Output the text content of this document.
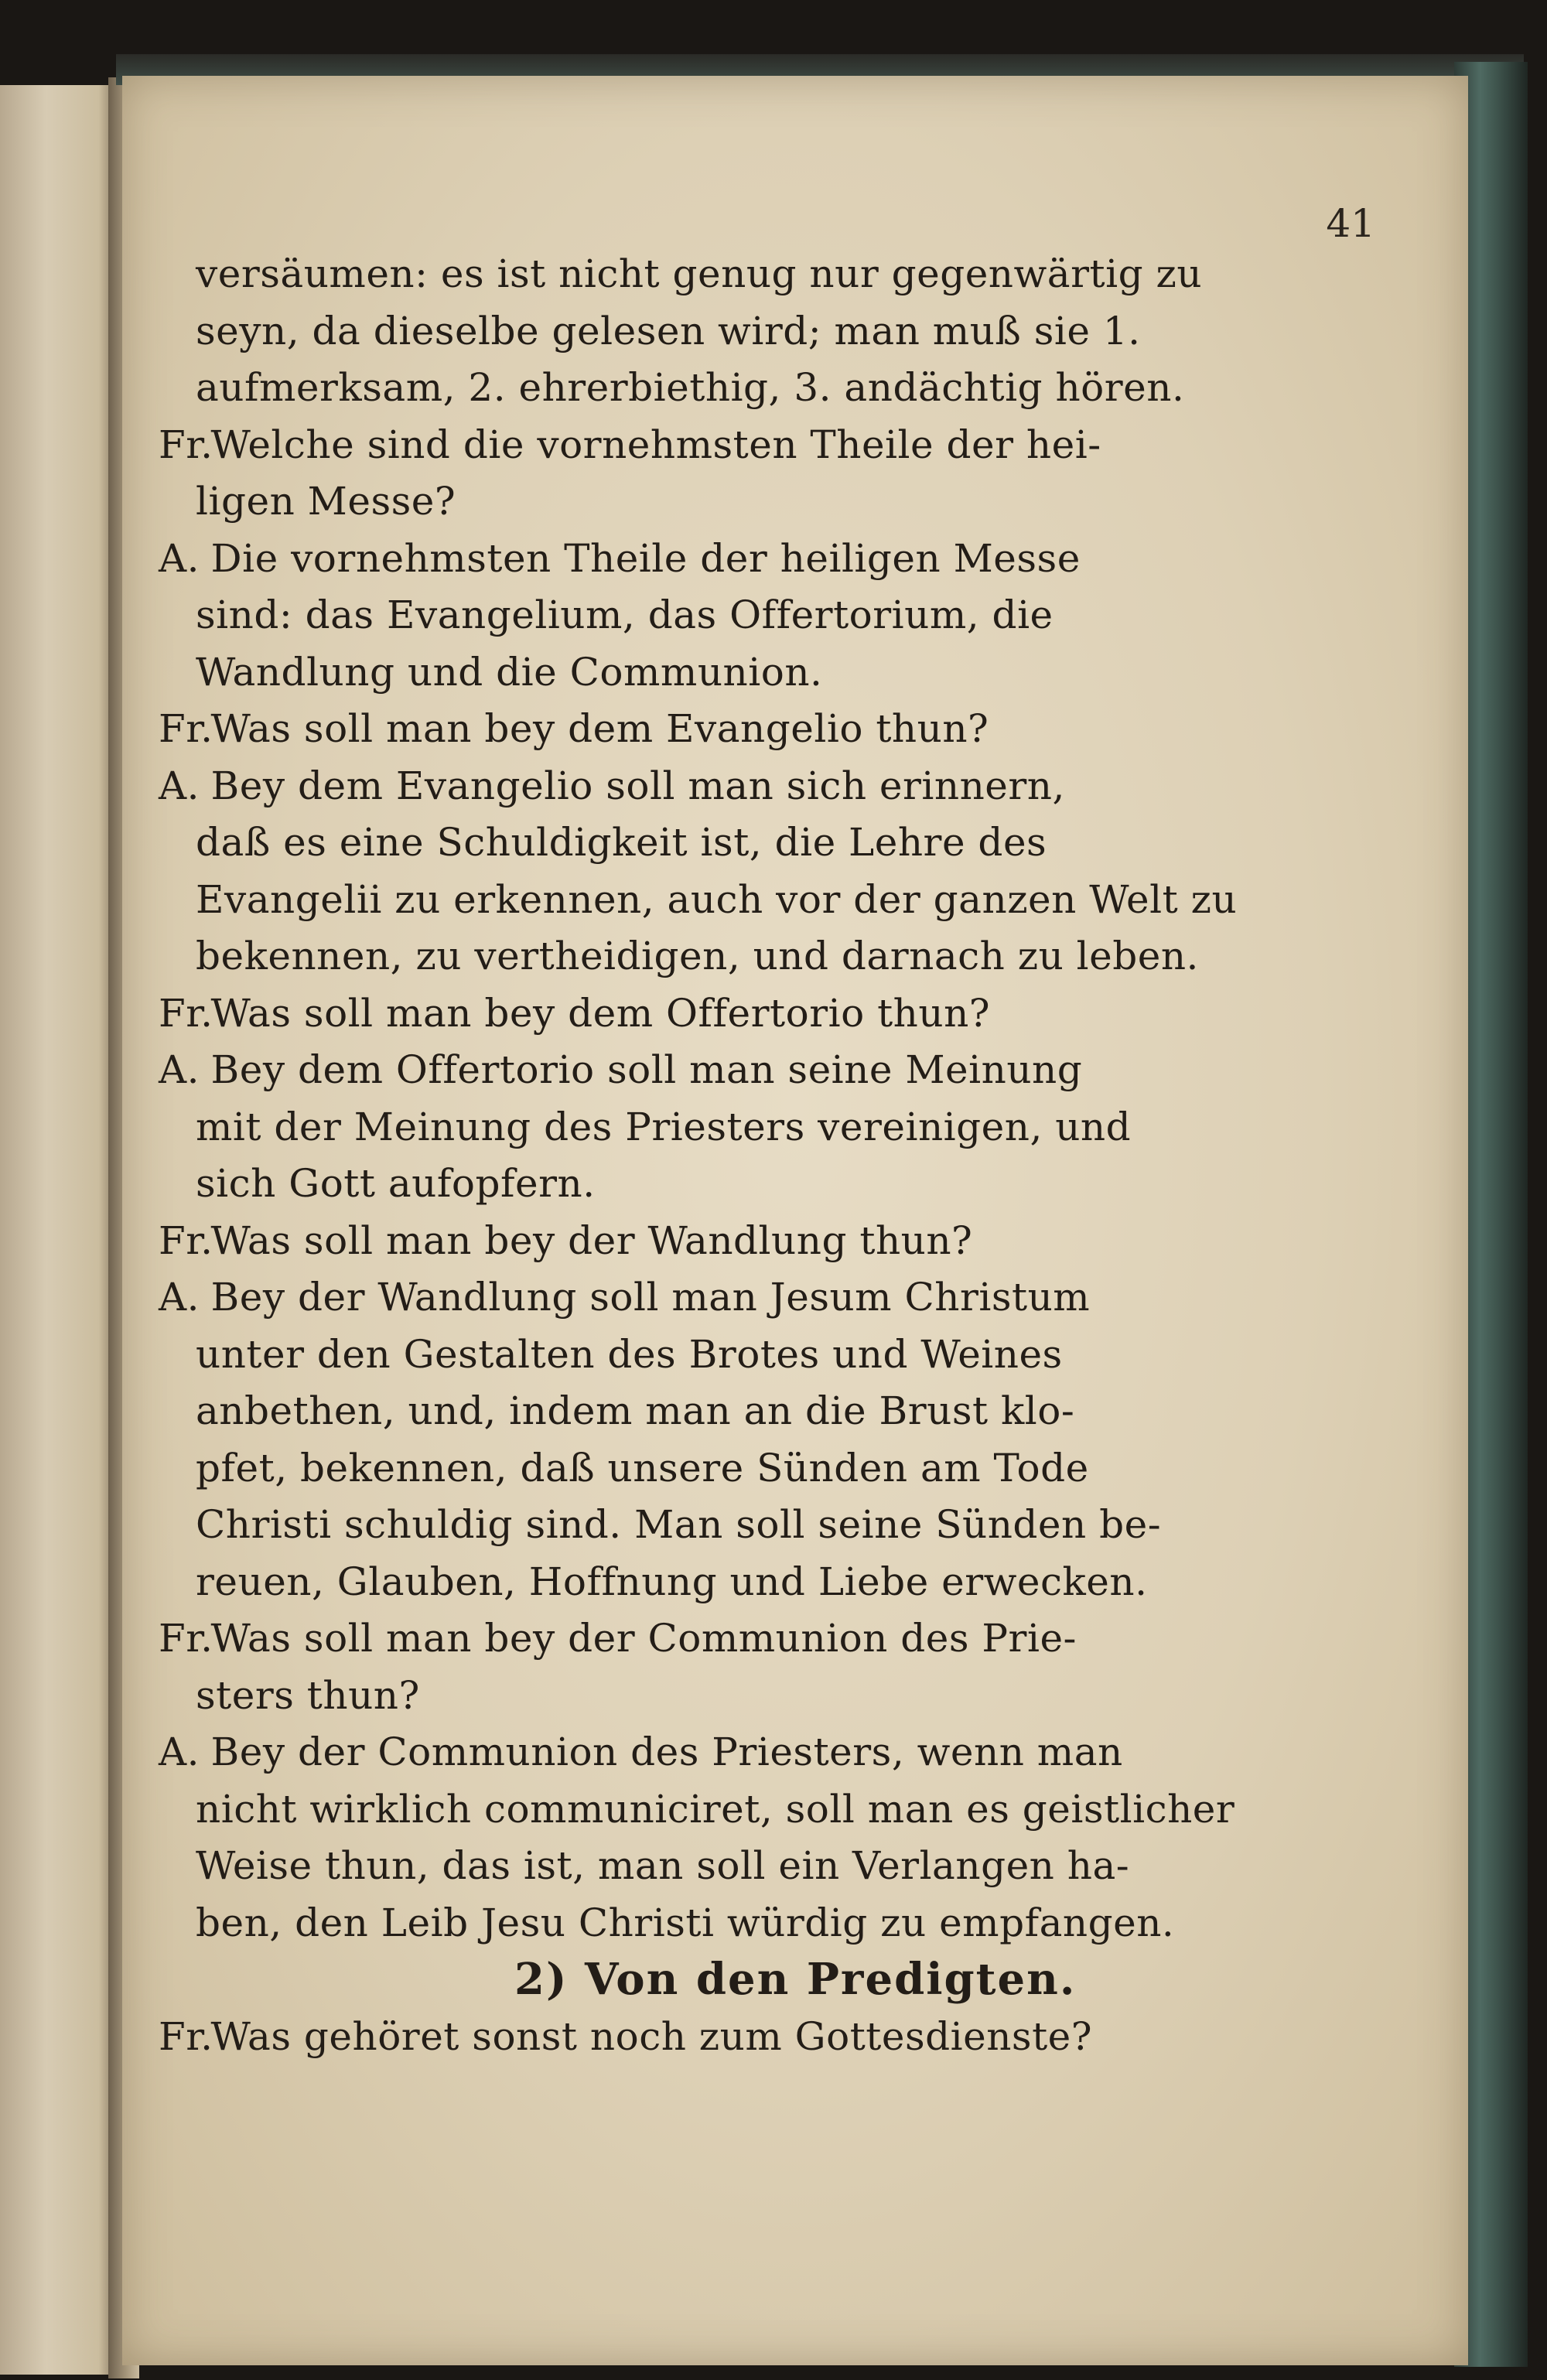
41
versäumen: es ist nicht genug nur gegenwärtig zu
seyn, da dieselbe gelesen wird; man muß sie 1.
aufmerksam, 2. ehrerbiethig, 3. andächtig hören.
Fr.Welche sind die vornehmsten Theile der hei-
ligen Messe?
A. Die vornehmsten Theile der heiligen Messe
sind: das Evangelium, das Offertorium, die
Wandlung und die Communion.
Fr.Was soll man bey dem Evangelio thun?
A. Bey dem Evangelio soll man sich erinnern,
daß es eine Schuldigkeit ist, die Lehre des
Evangelii zu erkennen, auch vor der ganzen Welt zu
bekennen, zu vertheidigen, und darnach zu leben.
Fr.Was soll man bey dem Offertorio thun?
A. Bey dem Offertorio soll man seine Meinung
mit der Meinung des Priesters vereinigen, und
sich Gott aufopfern.
Fr.Was soll man bey der Wandlung thun?
A. Bey der Wandlung soll man Jesum Christum
unter den Gestalten des Brotes und Weines
anbethen, und, indem man an die Brust klo-
pfet, bekennen, daß unsere Sünden am Tode
Christi schuldig sind. Man soll seine Sünden be-
reuen, Glauben, Hoffnung und Liebe erwecken.
Fr.Was soll man bey der Communion des Prie-
sters thun?
A. Bey der Communion des Priesters, wenn man
nicht wirklich communiciret, soll man es geistlicher
Weise thun, das ist, man soll ein Verlangen ha-
ben, den Leib Jesu Christi würdig zu empfangen.
2) Von den Predigten.
Fr.Was gehöret sonst noch zum Gottesdienste?
